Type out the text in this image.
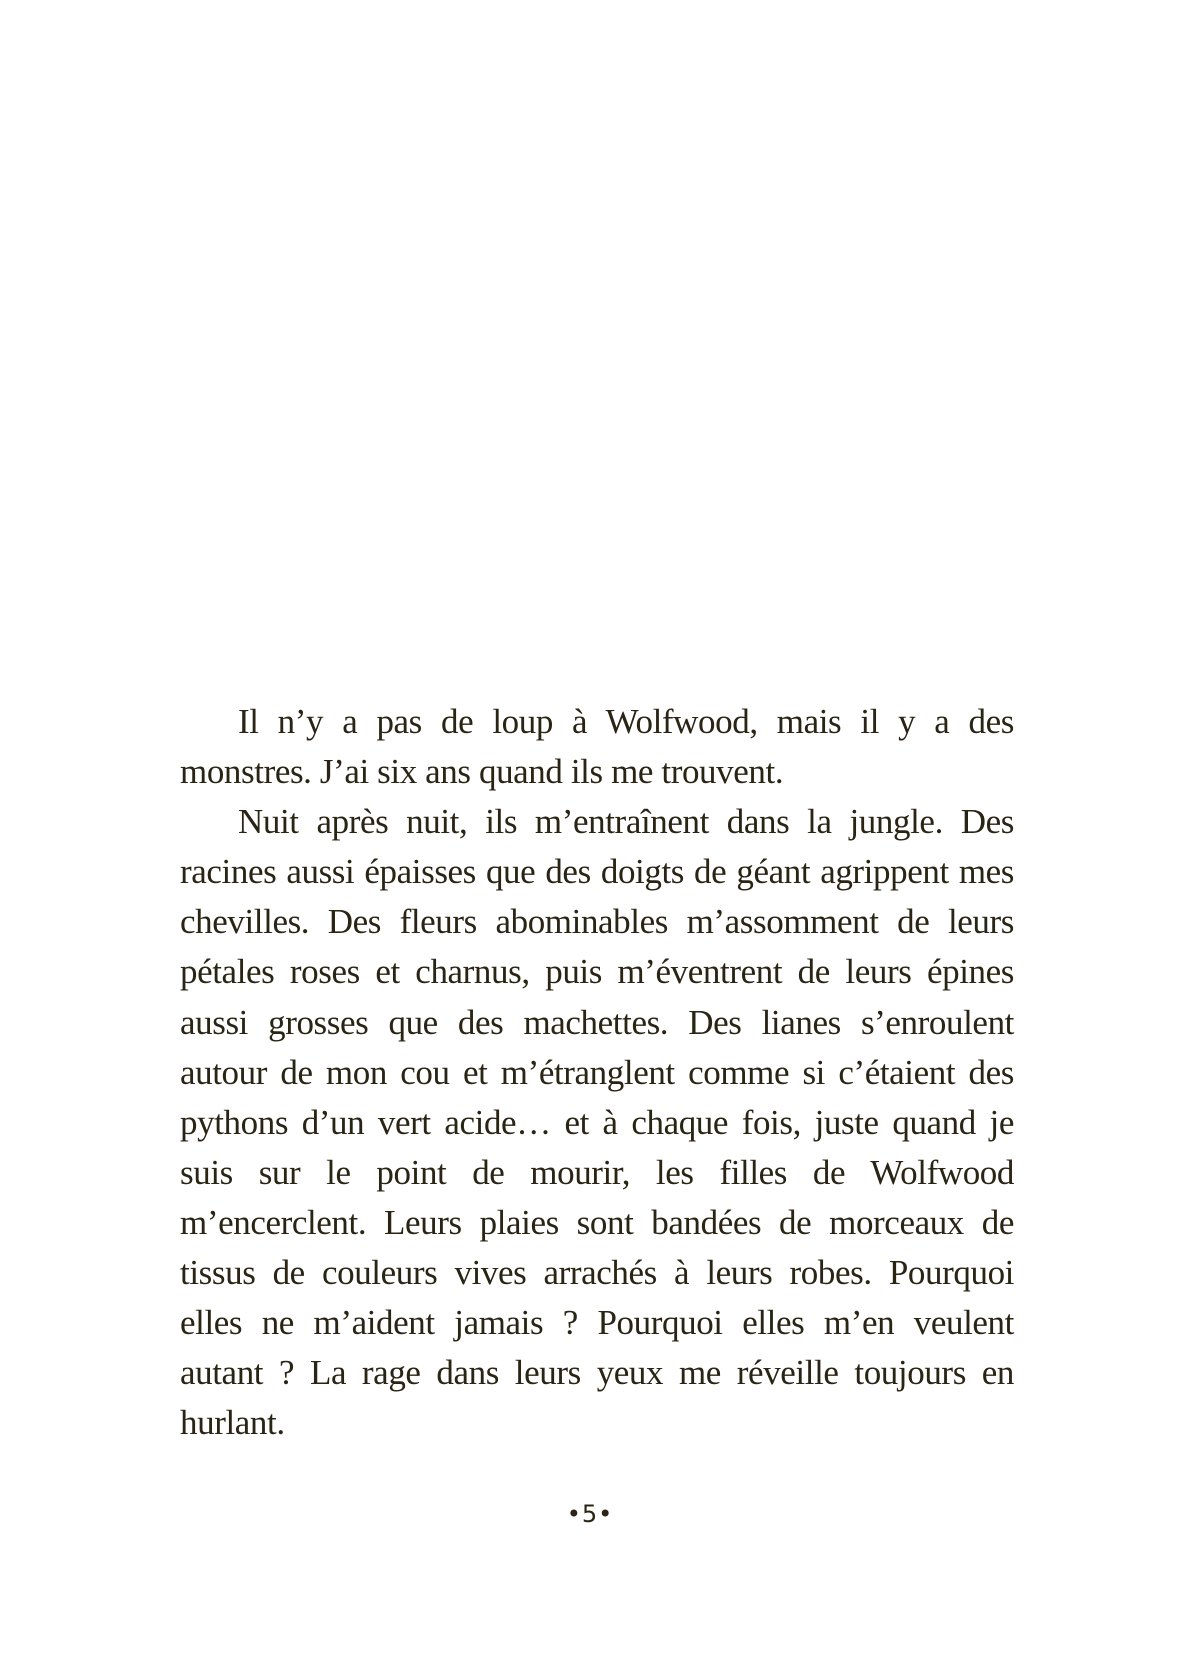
Il n’y a pas de loup à Wolfwood, mais il y a des monstres. J’ai six ans quand ils me trouvent.

Nuit après nuit, ils m’entraînent dans la jungle. Des racines aussi épaisses que des doigts de géant agrippent mes chevilles. Des fleurs abominables m’assomment de leurs pétales roses et charnus, puis m’éventrent de leurs épines aussi grosses que des machettes. Des lianes s’enroulent autour de mon cou et m’étranglent comme si c’étaient des pythons d’un vert acide… et à chaque fois, juste quand je suis sur le point de mourir, les filles de Wolfwood m’encerclent. Leurs plaies sont bandées de morceaux de tissus de couleurs vives arrachés à leurs robes. Pourquoi elles ne m’aident jamais ? Pourquoi elles m’en veulent autant ? La rage dans leurs yeux me réveille toujours en hurlant.

•5•
